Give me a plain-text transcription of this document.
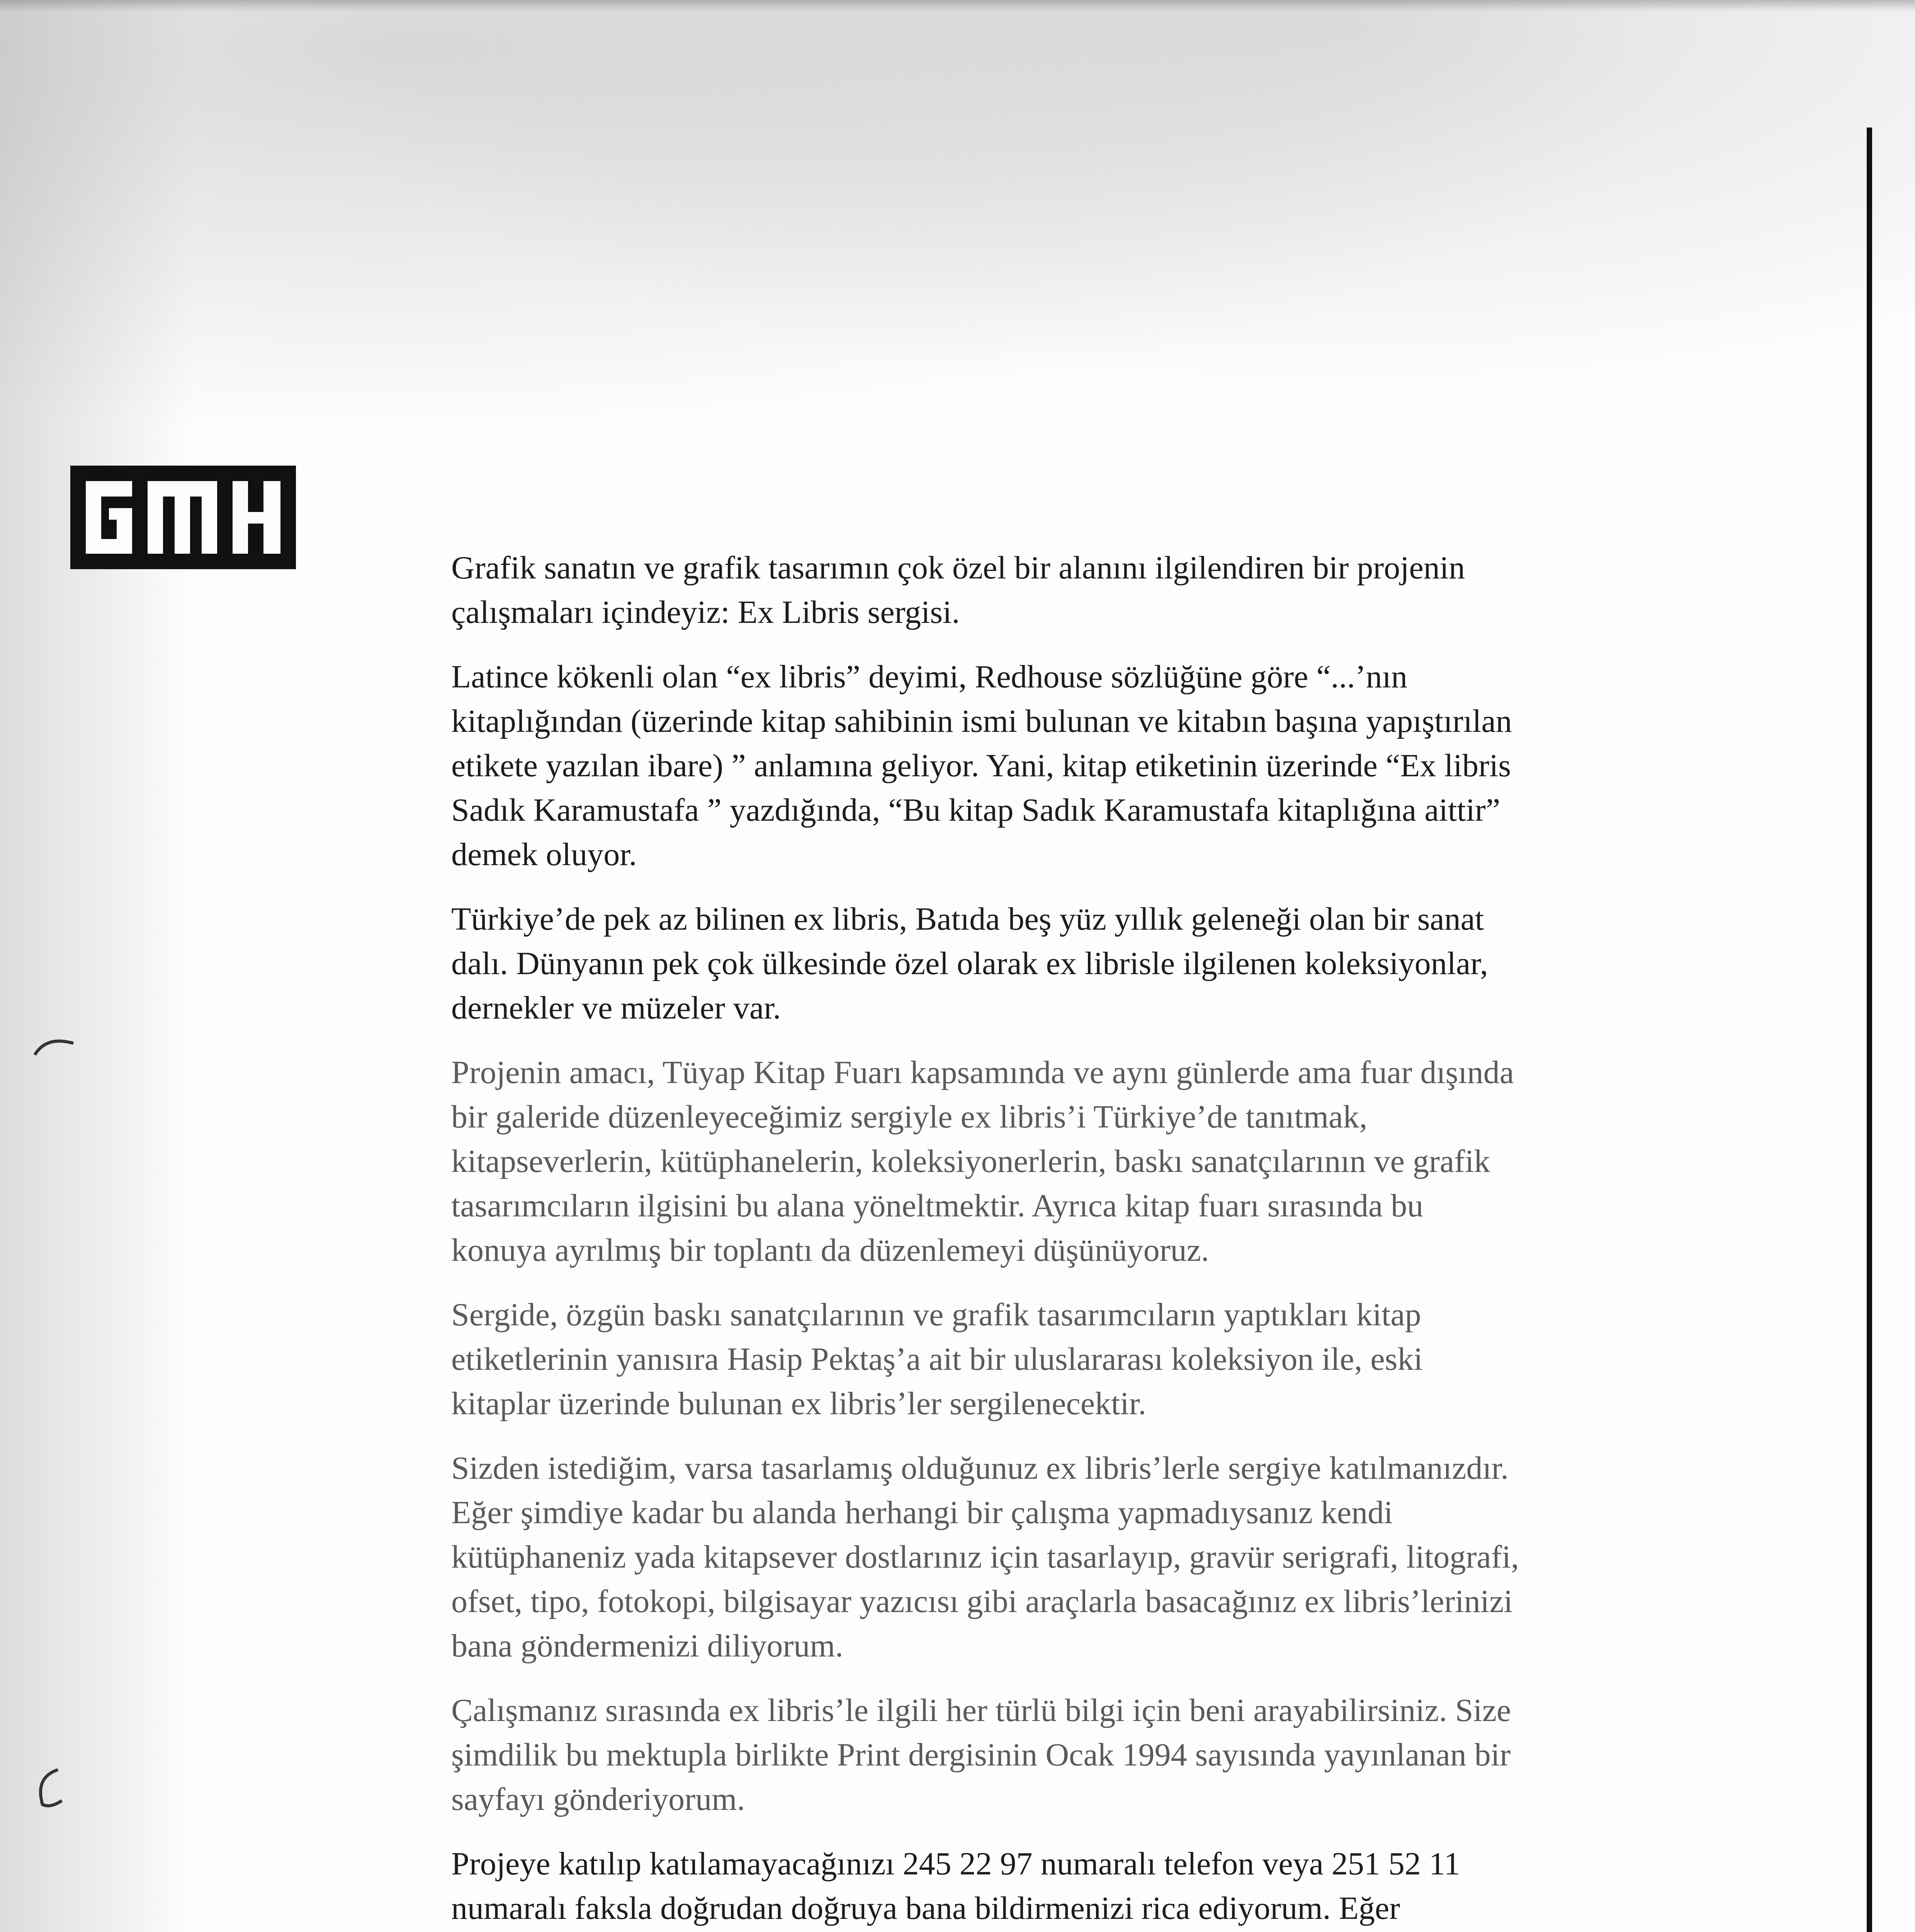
Grafik sanatın ve grafik tasarımın çok özel bir alanını ilgilendiren bir projenin çalışmaları içindeyiz: Ex Libris sergisi.

Latince kökenli olan “ex libris” deyimi, Redhouse sözlüğüne göre “...’nın kitaplığından (üzerinde kitap sahibinin ismi bulunan ve kitabın başına yapıştırılan etikete yazılan ibare) ” anlamına geliyor. Yani, kitap etiketinin üzerinde “Ex libris Sadık Karamustafa ” yazdığında, “Bu kitap Sadık Karamustafa kitaplığına aittir” demek oluyor.

Türkiye’de pek az bilinen ex libris, Batıda beş yüz yıllık geleneği olan bir sanat dalı. Dünyanın pek çok ülkesinde özel olarak ex librisle ilgilenen koleksiyonlar, dernekler ve müzeler var.

Projenin amacı, Tüyap Kitap Fuarı kapsamında ve aynı günlerde ama fuar dışında bir galeride düzenleyeceğimiz sergiyle ex libris’i Türkiye’de tanıtmak, kitapseverlerin, kütüphanelerin, koleksiyonerlerin, baskı sanatçılarının ve grafik tasarımcıların ilgisini bu alana yöneltmektir. Ayrıca kitap fuarı sırasında bu konuya ayrılmış bir toplantı da düzenlemeyi düşünüyoruz.

Sergide, özgün baskı sanatçılarının ve grafik tasarımcıların yaptıkları kitap etiketlerinin yanısıra Hasip Pektaş’a ait bir uluslararası koleksiyon ile, eski kitaplar üzerinde bulunan ex libris’ler sergilenecektir.

Sizden istediğim, varsa tasarlamış olduğunuz ex libris’lerle sergiye katılmanızdır. Eğer şimdiye kadar bu alanda herhangi bir çalışma yapmadıysanız kendi kütüphaneniz yada kitapsever dostlarınız için tasarlayıp, gravür serigrafi, litografi, ofset, tipo, fotokopi, bilgisayar yazıcısı gibi araçlarla basacağınız ex libris’lerinizi bana göndermenizi diliyorum.

Çalışmanız sırasında ex libris’le ilgili her türlü bilgi için beni arayabilirsiniz. Size şimdilik bu mektupla birlikte Print dergisinin Ocak 1994 sayısında yayınlanan bir sayfayı gönderiyorum.

Projeye katılıp katılamayacağınızı 245 22 97 numaralı telefon veya 251 52 11 numaralı faksla doğrudan doğruya bana bildirmenizi rica ediyorum. Eğer
